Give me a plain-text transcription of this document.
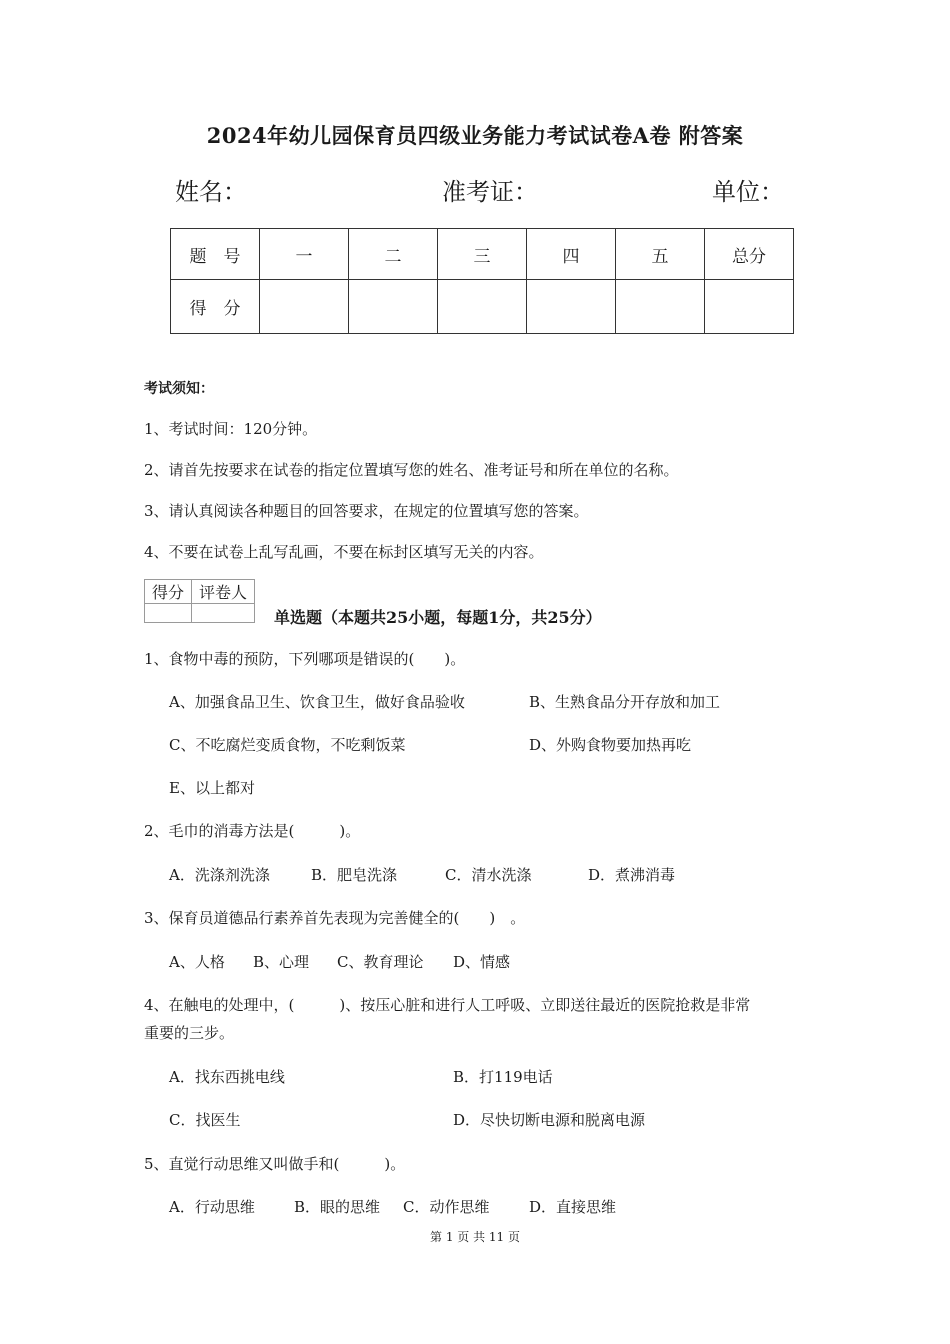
2024年幼儿园保育员四级业务能力考试试卷A卷 附答案
姓名：	准考证：	单位：
题　号	一	二	三	四	五	总分
得　分						
考试须知：
1、考试时间：120分钟。
2、请首先按要求在试卷的指定位置填写您的姓名、准考证号和所在单位的名称。
3、请认真阅读各种题目的回答要求，在规定的位置填写您的答案。
4、不要在试卷上乱写乱画，不要在标封区填写无关的内容。
得分	评卷人

单选题（本题共25小题，每题1分，共25分）
1、食物中毒的预防，下列哪项是错误的(　　)。
A、加强食品卫生、饮食卫生，做好食品验收	B、生熟食品分开存放和加工
C、不吃腐烂变质食物，不吃剩饭菜	D、外购食物要加热再吃
E、以上都对
2、毛巾的消毒方法是(　　　)。
A．洗涤剂洗涤	B．肥皂洗涤	C．清水洗涤	D．煮沸消毒
3、保育员道德品行素养首先表现为完善健全的(　　)　。
A、人格 B、心理 C、教育理论 D、情感
4、在触电的处理中，(　　　)、按压心脏和进行人工呼吸、立即送往最近的医院抢救是非常
重要的三步。
A．找东西挑电线	B．打119电话
C．找医生	D．尽快切断电源和脱离电源
5、直觉行动思维又叫做手和(　　　)。
A．行动思维	B．眼的思维 C．动作思维	D．直接思维
第 1 页 共 11 页
